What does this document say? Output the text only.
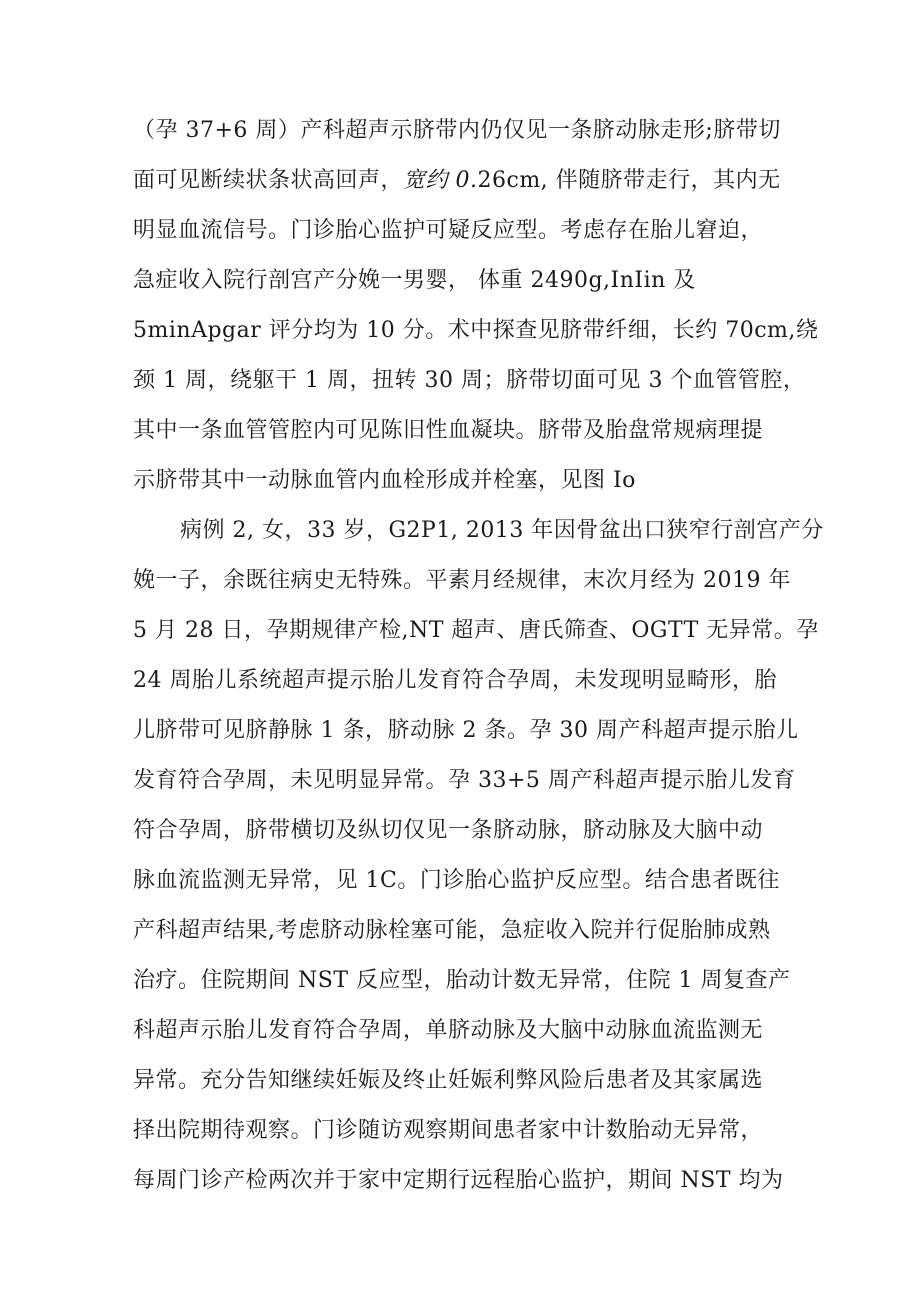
（孕 37+6 周）产科超声示脐带内仍仅见一条脐动脉走形;脐带切
面可见断续状条状高回声，宽约 0.26cm, 伴随脐带走行，其内无
明显血流信号。门诊胎心监护可疑反应型。考虑存在胎儿窘迫，
急症收入院行剖宫产分娩一男婴， 体重 2490g,InIin 及
5minApgar 评分均为 10 分。术中探查见脐带纤细，长约 70cm,绕
颈 1 周，绕躯干 1 周，扭转 30 周；脐带切面可见 3 个血管管腔，
其中一条血管管腔内可见陈旧性血凝块。脐带及胎盘常规病理提
示脐带其中一动脉血管内血栓形成并栓塞，见图 Io
病例 2, 女，33 岁，G2P1, 2013 年因骨盆出口狭窄行剖宫产分
娩一子，余既往病史无特殊。平素月经规律，末次月经为 2019 年
5 月 28 日，孕期规律产检,NT 超声、唐氏筛查、OGTT 无异常。孕
24 周胎儿系统超声提示胎儿发育符合孕周，未发现明显畸形，胎
儿脐带可见脐静脉 1 条，脐动脉 2 条。孕 30 周产科超声提示胎儿
发育符合孕周，未见明显异常。孕 33+5 周产科超声提示胎儿发育
符合孕周，脐带横切及纵切仅见一条脐动脉，脐动脉及大脑中动
脉血流监测无异常，见 1C。门诊胎心监护反应型。结合患者既往
产科超声结果,考虑脐动脉栓塞可能，急症收入院并行促胎肺成熟
治疗。住院期间 NST 反应型，胎动计数无异常，住院 1 周复查产
科超声示胎儿发育符合孕周，单脐动脉及大脑中动脉血流监测无
异常。充分告知继续妊娠及终止妊娠利弊风险后患者及其家属选
择出院期待观察。门诊随访观察期间患者家中计数胎动无异常，
每周门诊产检两次并于家中定期行远程胎心监护，期间 NST 均为
